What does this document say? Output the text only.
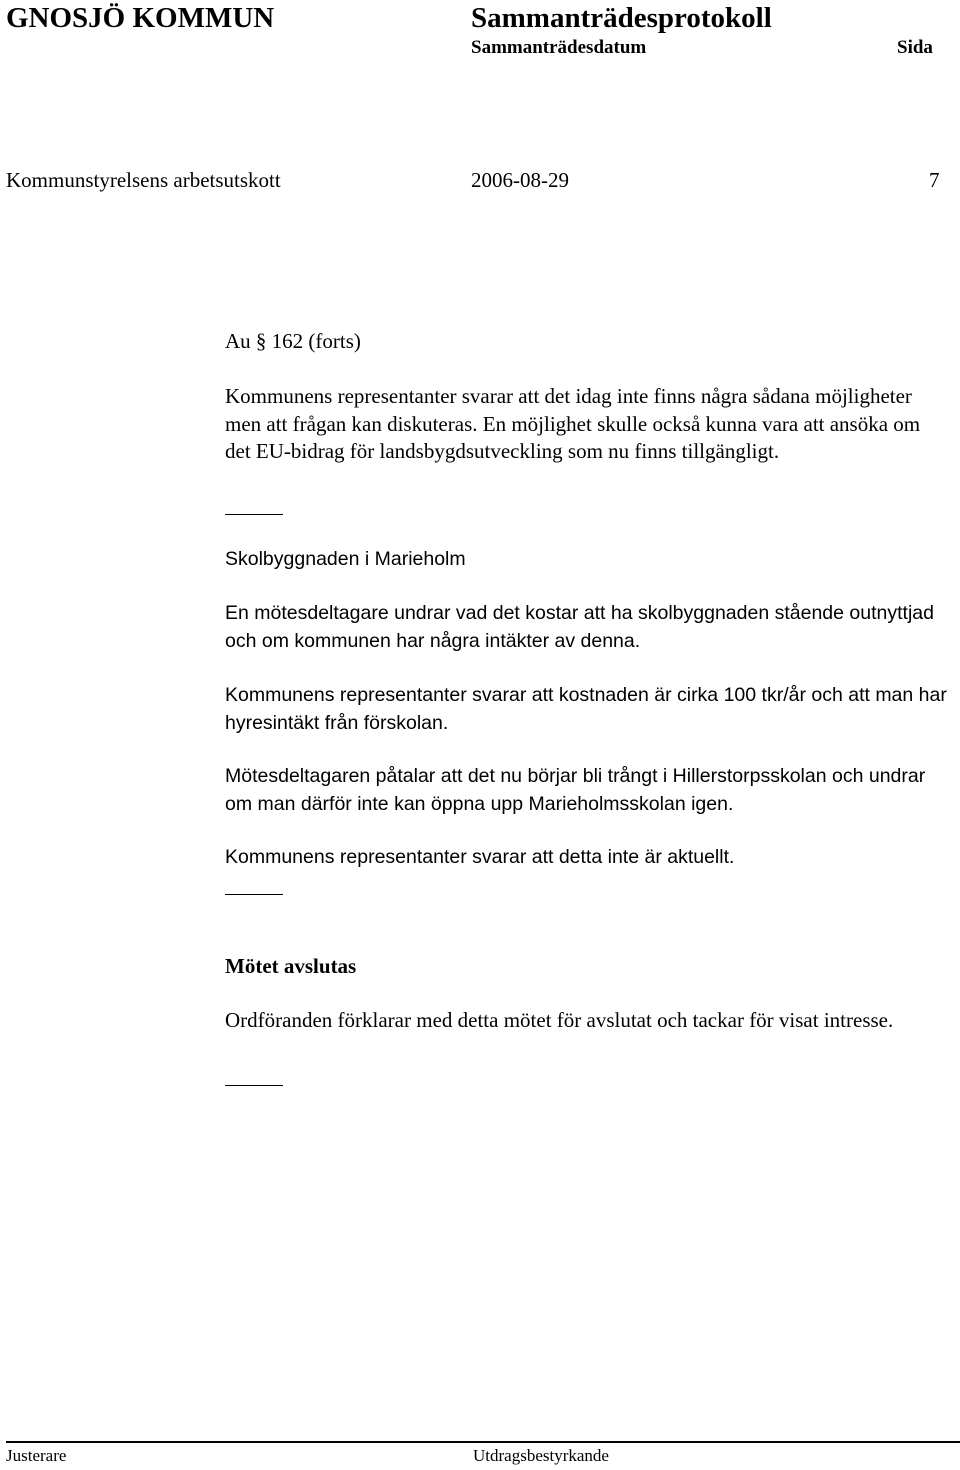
GNOSJÖ KOMMUN	Sammanträdesprotokoll
Sammanträdesdatum	Sida
Kommunstyrelsens arbetsutskott	2006-08-29	7

Au § 162 (forts)

Kommunens representanter svarar att det idag inte finns några sådana möjligheter men att frågan kan diskuteras. En möjlighet skulle också kunna vara att ansöka om det EU-bidrag för landsbygdsutveckling som nu finns tillgängligt.

Skolbyggnaden i Marieholm

En mötesdeltagare undrar vad det kostar att ha skolbyggnaden stående outnyttjad och om kommunen har några intäkter av denna.

Kommunens representanter svarar att kostnaden är cirka 100 tkr/år och att man har hyresintäkt från förskolan.

Mötesdeltagaren påtalar att det nu börjar bli trångt i Hillerstorpsskolan och undrar om man därför inte kan öppna upp Marieholmsskolan igen.

Kommunens representanter svarar att detta inte är aktuellt.

Mötet avslutas

Ordföranden förklarar med detta mötet för avslutat och tackar för visat intresse.

Justerare	Utdragsbestyrkande
